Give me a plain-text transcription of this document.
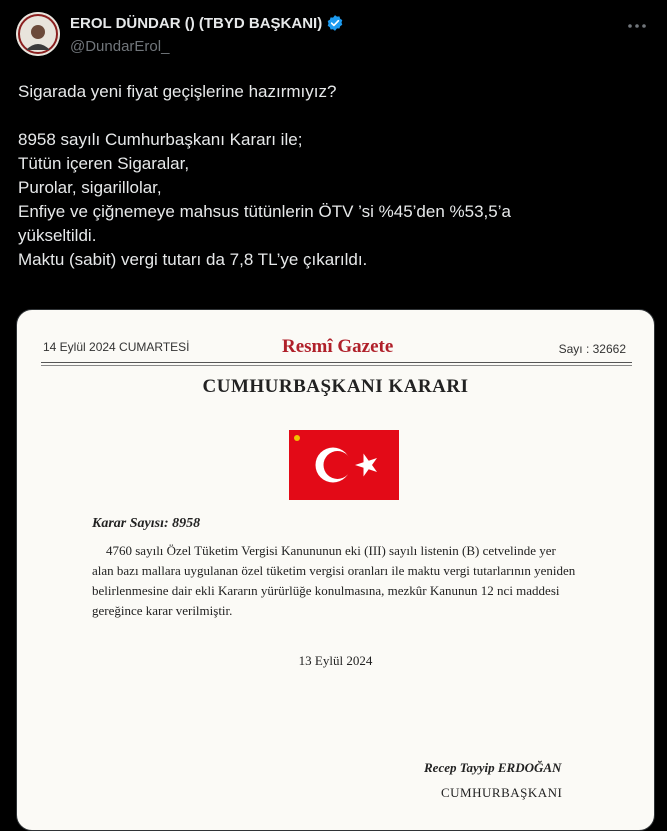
EROL DÜNDAR () (TBYD BAŞKANI)
@DundarErol_
Sigarada yeni fiyat geçişlerine hazırmıyız?
8958 sayılı Cumhurbaşkanı Kararı ile;
Tütün içeren Sigaralar,
Purolar, sigarillolar,
Enfiye ve çiğnemeye mahsus tütünlerin ÖTV ’si %45’den %53,5’a
yükseltildi.
Maktu (sabit) vergi tutarı da 7,8 TL’ye çıkarıldı.
14 Eylül 2024 CUMARTESİ	Resmî Gazete	Sayı : 32662
CUMHURBAŞKANI KARARI
Karar Sayısı: 8958
4760 sayılı Özel Tüketim Vergisi Kanununun eki (III) sayılı listenin (B) cetvelinde yer
alan bazı mallara uygulanan özel tüketim vergisi oranları ile maktu vergi tutarlarının yeniden
belirlenmesine dair ekli Kararın yürürlüğe konulmasına, mezkûr Kanunun 12 nci maddesi
gereğince karar verilmiştir.
13 Eylül 2024
Recep Tayyip ERDOĞAN
CUMHURBAŞKANI
